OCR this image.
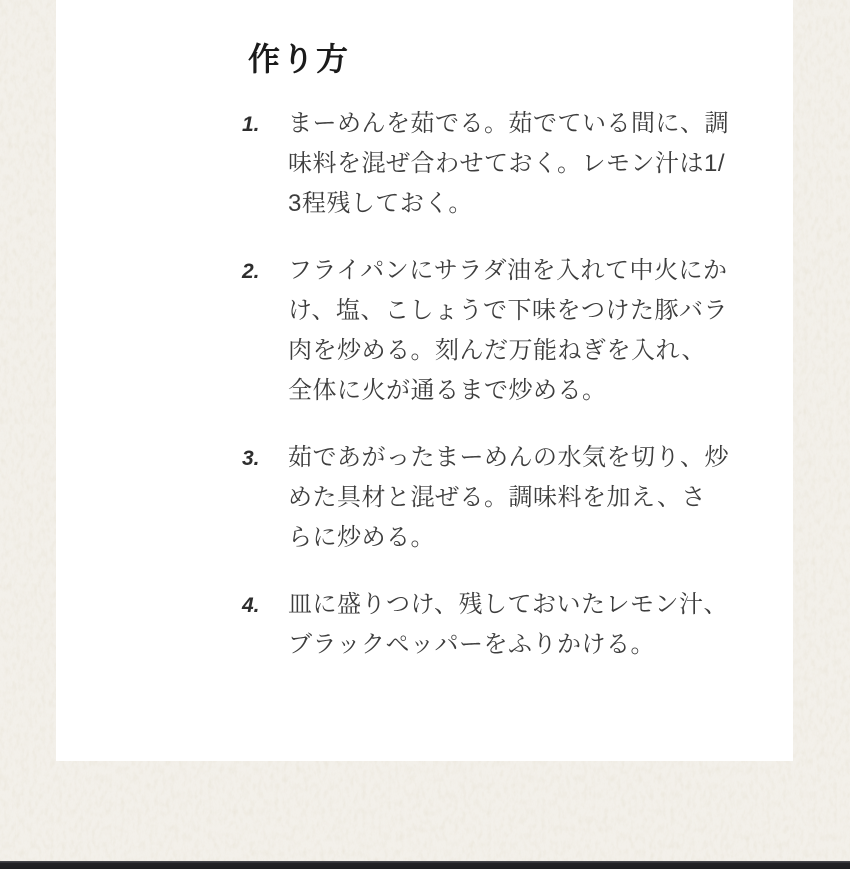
作り方
1.	まーめんを茹でる。茹でている間に、調味料を混ぜ合わせておく。レモン汁は1/ 3程残しておく。

2.	フライパンにサラダ油を入れて中火にかけ、塩、こしょうで下味をつけた豚バラ肉を炒める。刻んだ万能ねぎを入れ、全体に火が通るまで炒める。

3.	茹であがったまーめんの水気を切り、炒めた具材と混ぜる。調味料を加え、さらに炒める。

4.	皿に盛りつけ、残しておいたレモン汁、ブラックペッパーをふりかける。
